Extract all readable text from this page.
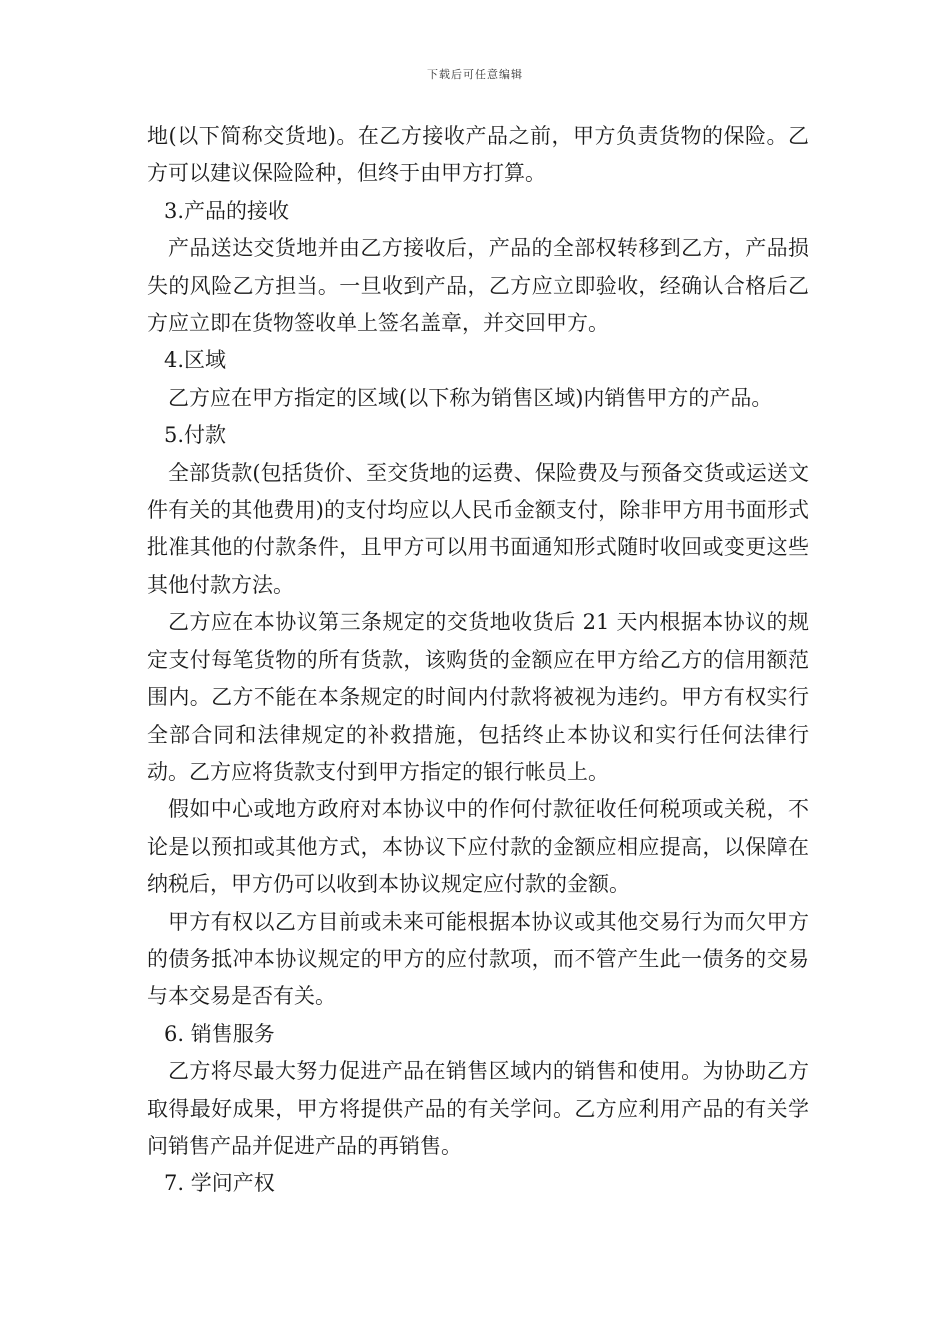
下载后可任意编辑

地(以下简称交货地)。在乙方接收产品之前，甲方负责货物的保险。乙方可以建议保险险种，但终于由甲方打算。

3.产品的接收

产品送达交货地并由乙方接收后，产品的全部权转移到乙方，产品损失的风险乙方担当。一旦收到产品，乙方应立即验收，经确认合格后乙方应立即在货物签收单上签名盖章，并交回甲方。

4.区域

乙方应在甲方指定的区域(以下称为销售区域)内销售甲方的产品。

5.付款

全部货款(包括货价、至交货地的运费、保险费及与预备交货或运送文件有关的其他费用)的支付均应以人民币金额支付，除非甲方用书面形式批准其他的付款条件，且甲方可以用书面通知形式随时收回或变更这些其他付款方法。

乙方应在本协议第三条规定的交货地收货后 21 天内根据本协议的规定支付每笔货物的所有货款，该购货的金额应在甲方给乙方的信用额范围内。乙方不能在本条规定的时间内付款将被视为违约。甲方有权实行全部合同和法律规定的补救措施，包括终止本协议和实行任何法律行动。乙方应将货款支付到甲方指定的银行帐员上。

假如中心或地方政府对本协议中的作何付款征收任何税项或关税，不论是以预扣或其他方式，本协议下应付款的金额应相应提高，以保障在纳税后，甲方仍可以收到本协议规定应付款的金额。

甲方有权以乙方目前或未来可能根据本协议或其他交易行为而欠甲方的债务抵冲本协议规定的甲方的应付款项，而不管产生此一债务的交易与本交易是否有关。

6. 销售服务

乙方将尽最大努力促进产品在销售区域内的销售和使用。为协助乙方取得最好成果，甲方将提供产品的有关学问。乙方应利用产品的有关学问销售产品并促进产品的再销售。

7. 学问产权
